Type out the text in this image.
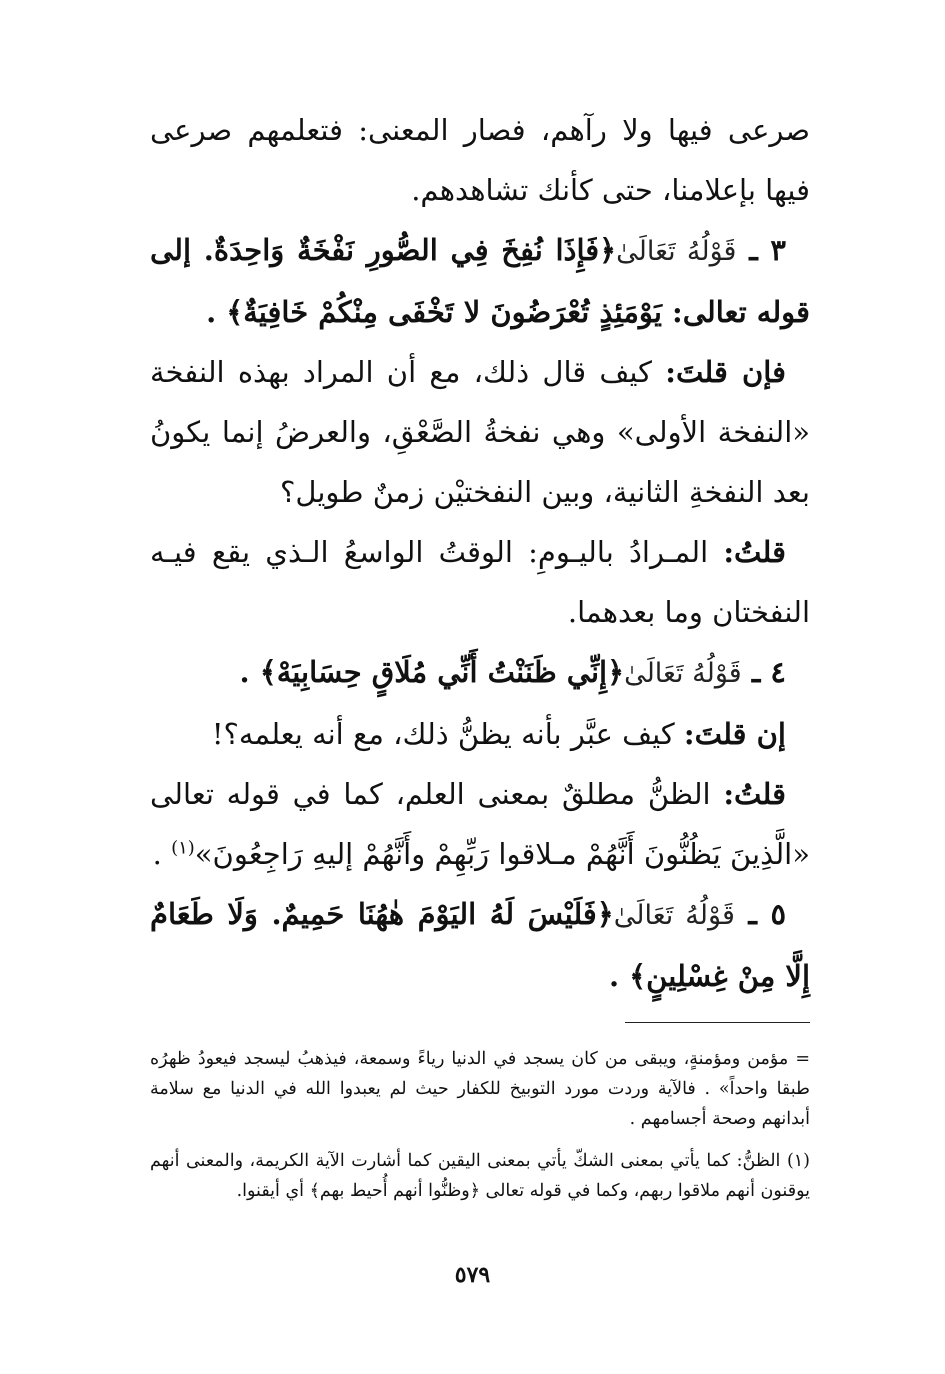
صرعى فيها ولا رآهم، فصار المعنى: فتعلمهم صرعى فيها بإعلامنا، حتى كأنك تشاهدهم.

٣ ـ قَوْلُهُ تَعَالَىٰ﴿فَإِذَا نُفِخَ فِي الصُّورِ نَفْخَةٌ وَاحِدَةٌ. إلى قوله تعالى: يَوْمَئِذٍ تُعْرَضُونَ لا تَخْفَى مِنْكُمْ خَافِيَةٌ﴾ .

فإن قلتَ: كيف قال ذلك، مع أن المراد بهذه النفخة «النفخة الأولى» وهي نفخةُ الصَّعْقِ، والعرضُ إنما يكونُ بعد النفخةِ الثانية، وبين النفختيْن زمنٌ طويل؟

قلتُ: المـرادُ باليـومِ: الوقتُ الواسعُ الـذي يقع فيـه النفختان وما بعدهما.

٤ ـ قَوْلُهُ تَعَالَىٰ﴿إِنِّي ظَنَنْتُ أَنِّي مُلَاقٍ حِسَابِيَهْ﴾ .

إن قلتَ: كيف عبَّر بأنه يظنُّ ذلك، مع أنه يعلمه؟!

قلتُ: الظنُّ مطلقٌ بمعنى العلم، كما في قوله تعالى «الَّذِينَ يَظُنُّونَ أَنَّهُمْ مـلاقوا رَبِّهِمْ وأَنَّهُمْ إليهِ رَاجِعُونَ»$^{(١)}$ .

٥ ـ قَوْلُهُ تَعَالَىٰ﴿فَلَيْسَ لَهُ اليَوْمَ هٰهُنَا حَمِيمٌ. وَلَا طَعَامٌ إِلَّا مِنْ غِسْلِينٍ﴾ .

= مؤمن ومؤمنةٍ، ويبقى من كان يسجد في الدنيا رياءً وسمعة، فيذهبُ ليسجد فيعودُ ظهرُه طبقا واحداً» . فالآية وردت مورد التوبيخ للكفار حيث لم يعبدوا الله في الدنيا مع سلامة أبدانهم وصحة أجسامهم .

(١) الظنُّ: كما يأتي بمعنى الشكّ يأتي بمعنى اليقين كما أشارت الآية الكريمة، والمعنى أنهم يوقنون أنهم ملاقوا ربهم، وكما في قوله تعالى ﴿وظنُّوا أنهم أُحيط بهم﴾ أي أيقنوا.

٥٧٩
